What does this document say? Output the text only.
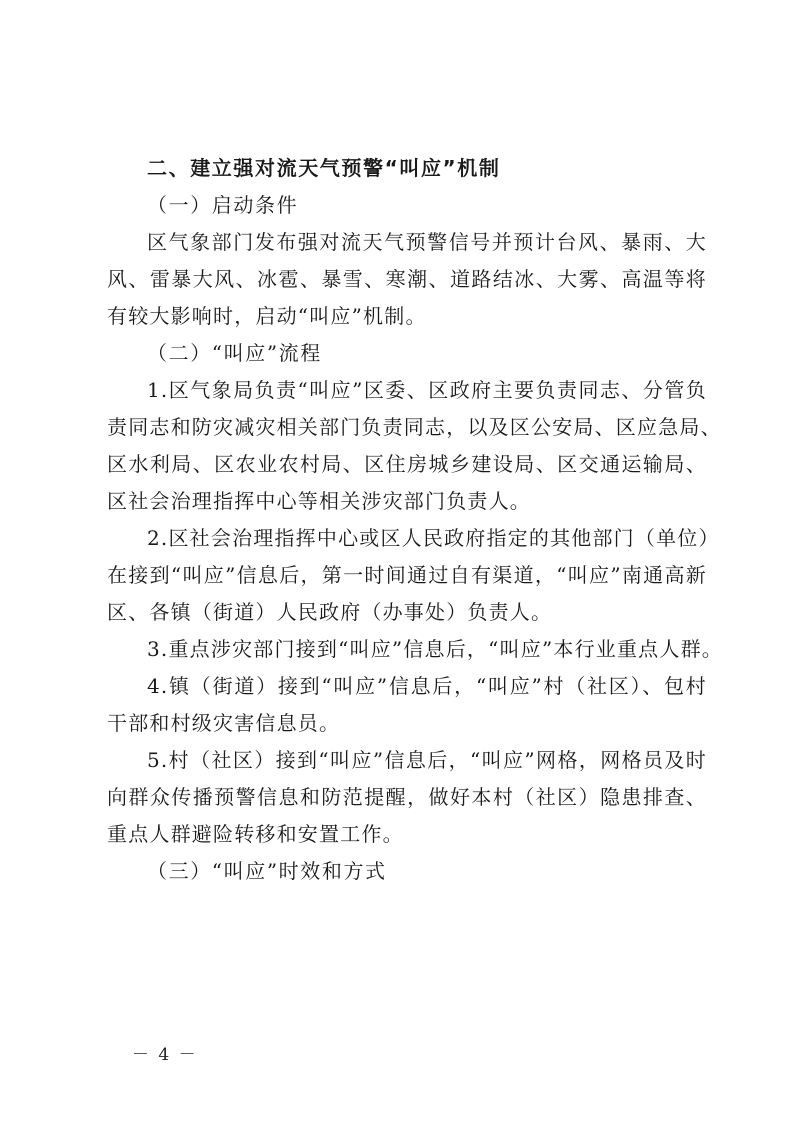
二、建立强对流天气预警“叫应”机制
（一）启动条件
区气象部门发布强对流天气预警信号并预计台风、暴雨、大
风、雷暴大风、冰雹、暴雪、寒潮、道路结冰、大雾、高温等将
有较大影响时，启动“叫应”机制。
（二）“叫应”流程
1.区气象局负责“叫应”区委、区政府主要负责同志、分管负
责同志和防灾减灾相关部门负责同志，以及区公安局、区应急局、
区水利局、区农业农村局、区住房城乡建设局、区交通运输局、
区社会治理指挥中心等相关涉灾部门负责人。
2.区社会治理指挥中心或区人民政府指定的其他部门（单位）
在接到“叫应”信息后，第一时间通过自有渠道，“叫应”南通高新
区、各镇（街道）人民政府（办事处）负责人。
3.重点涉灾部门接到“叫应”信息后，“叫应”本行业重点人群。
4.镇（街道）接到“叫应”信息后，“叫应”村（社区）、包村
干部和村级灾害信息员。
5.村（社区）接到“叫应”信息后，“叫应”网格，网格员及时
向群众传播预警信息和防范提醒，做好本村（社区）隐患排查、
重点人群避险转移和安置工作。
（三）“叫应”时效和方式
－ 4 －
